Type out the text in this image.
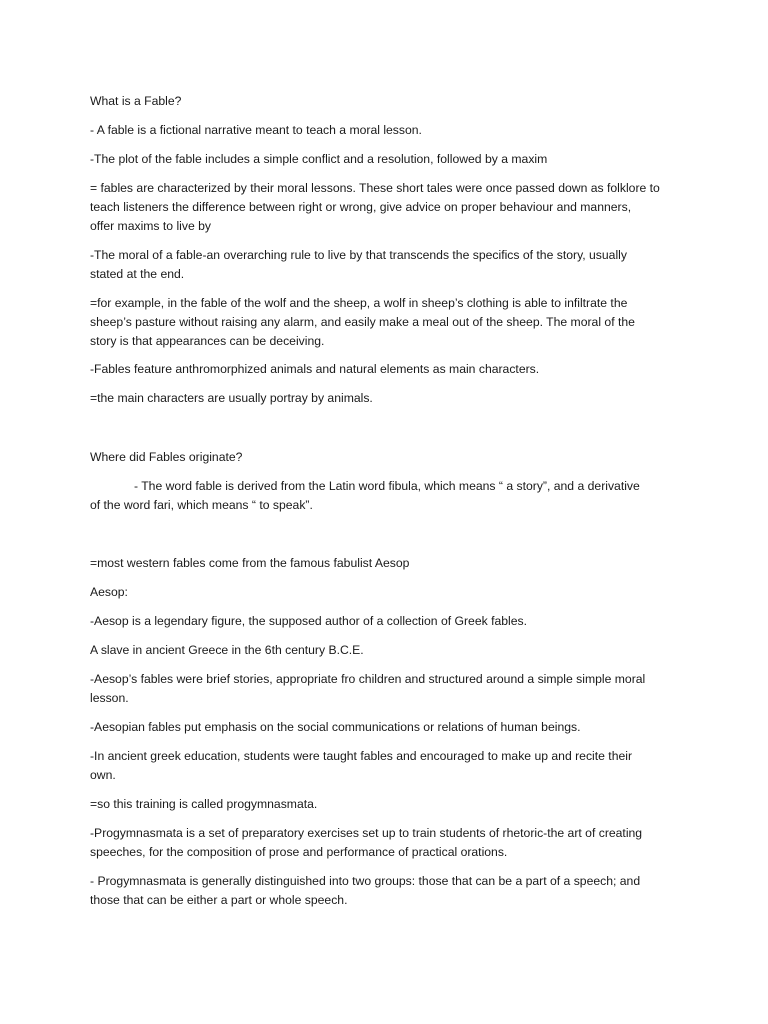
What is a Fable?
- A fable is a fictional narrative meant to teach a moral lesson.
-The plot of the fable includes a simple conflict and a resolution, followed by a maxim
= fables are characterized by their moral lessons. These short tales were once passed down as folklore to
teach listeners the difference between right or wrong, give advice on proper behaviour and manners,
offer maxims to live by
-The moral of a fable-an overarching rule to live by that transcends the specifics of the story, usually
stated at the end.
=for example, in the fable of the wolf and the sheep, a wolf in sheep’s clothing is able to infiltrate the
sheep’s pasture without raising any alarm, and easily make a meal out of the sheep. The moral of the
story is that appearances can be deceiving.
-Fables feature anthromorphized animals and natural elements as main characters.
=the main characters are usually portray by animals.
Where did Fables originate?
- The word fable is derived from the Latin word fibula, which means “ a story”, and a derivative
of the word fari, which means “ to speak”.
=most western fables come from the famous fabulist Aesop
Aesop:
-Aesop is a legendary figure, the supposed author of a collection of Greek fables.
A slave in ancient Greece in the 6th century B.C.E.
-Aesop’s fables were brief stories, appropriate fro children and structured around a simple simple moral
lesson.
-Aesopian fables put emphasis on the social communications or relations of human beings.
-In ancient greek education, students were taught fables and encouraged to make up and recite their
own.
=so this training is called progymnasmata.
-Progymnasmata is a set of preparatory exercises set up to train students of rhetoric-the art of creating
speeches, for the composition of prose and performance of practical orations.
- Progymnasmata is generally distinguished into two groups: those that can be a part of a speech; and
those that can be either a part or whole speech.
